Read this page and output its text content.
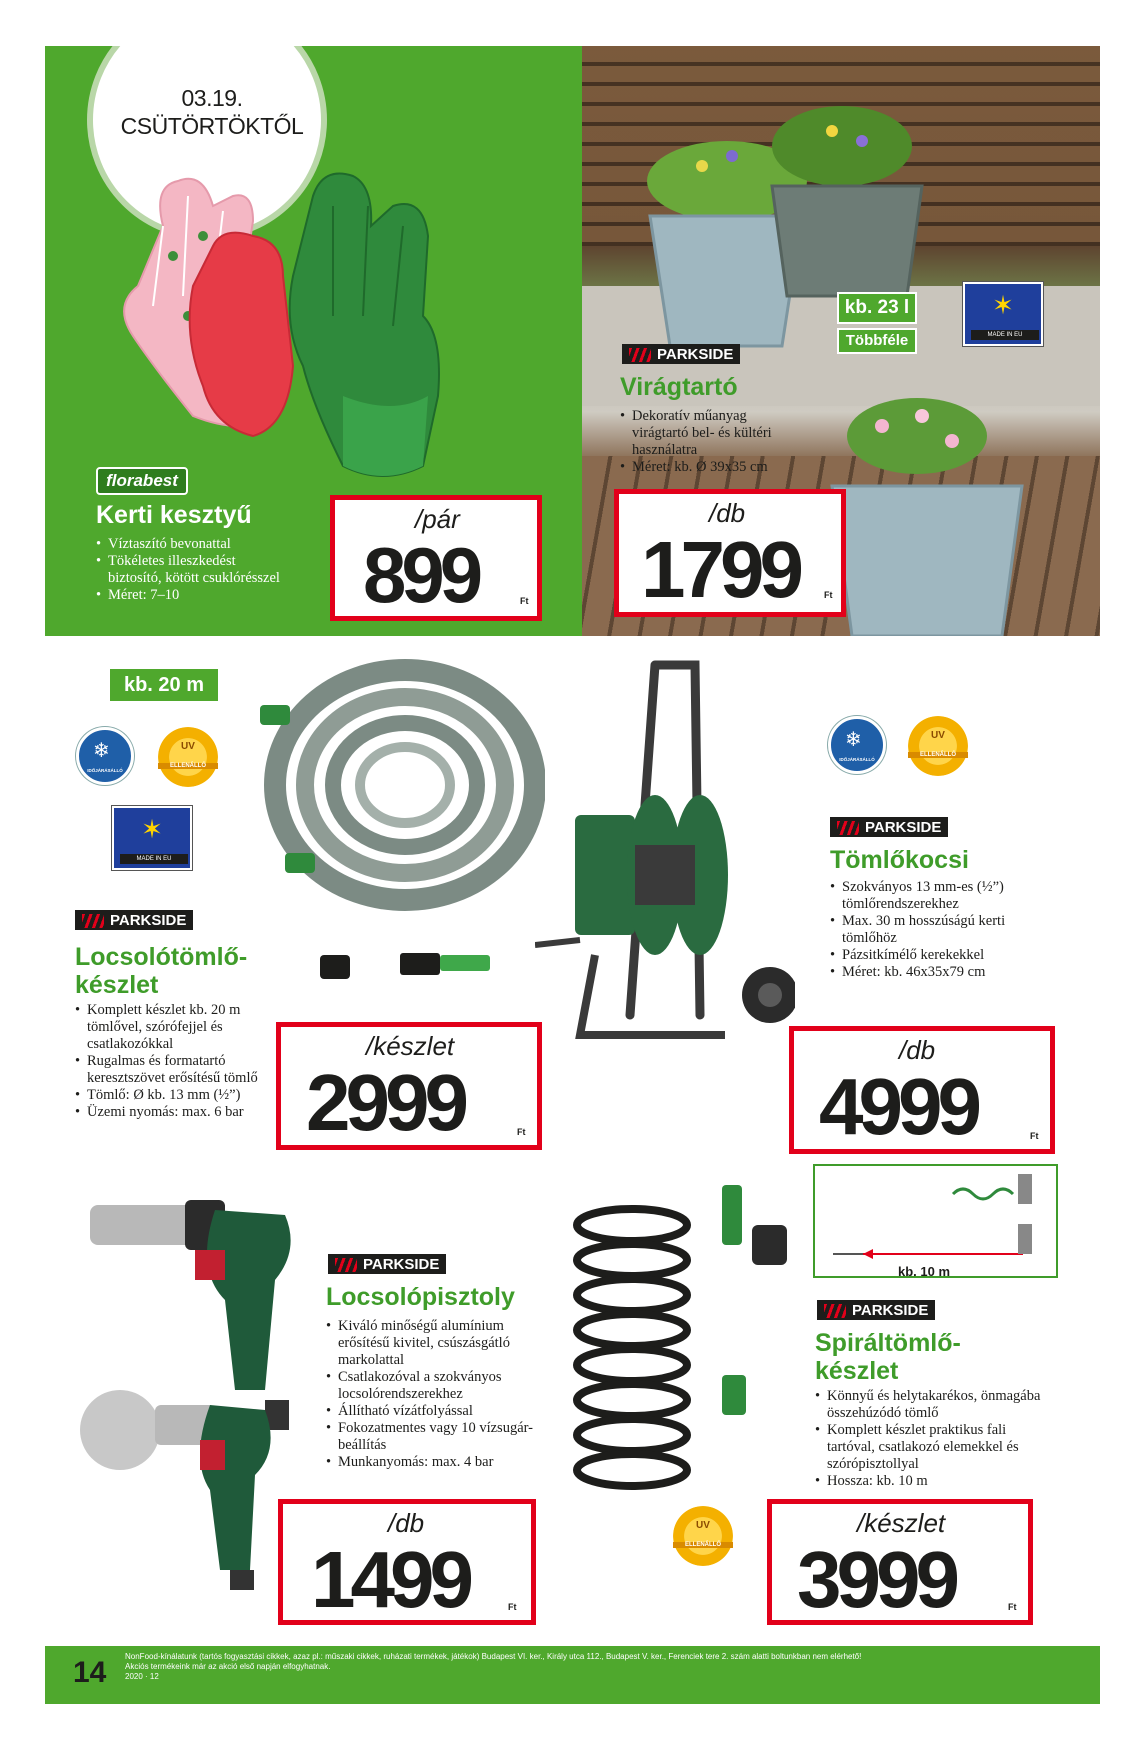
03.19.
CSÜTÖRTÖKTŐL
florabest
Kerti kesztyű
• Víztaszító bevonattal
• Tökéletes illeszkedést biztosító, kötött csuklórésszel
• Méret: 7–10
/pár
899	Ft
kb. 23 l
Többféle
✶
MADE IN EU
PARKSIDE
Virágtartó
• Dekoratív műanyag virágtartó bel- és kültéri használatra
• Méret: kb. Ø 39x35 cm
/db
1799	Ft
kb. 20 m
❄
IDŐJÁRÁSÁLLÓ
UV
ELLENÁLLÓ
✶
MADE IN EU
PARKSIDE
Locsolótömlő-
készlet
• Komplett készlet kb. 20 m tömlővel, szórófejjel és csatlakozókkal
• Rugalmas és formatartó keresztszövet erősítésű tömlő
• Tömlő: Ø kb. 13 mm (½”)
• Üzemi nyomás: max. 6 bar
/készlet
2999	Ft
❄
IDŐJÁRÁSÁLLÓ
UV
ELLENÁLLÓ
PARKSIDE
Tömlőkocsi
• Szokványos 13 mm-es (½”) tömlőrendszerekhez
• Max. 30 m hosszúságú kerti tömlőhöz
• Pázsitkímélő kerekekkel
• Méret: kb. 46x35x79 cm
/db
4999	Ft
PARKSIDE
Locsolópisztoly
• Kiváló minőségű alumínium erősítésű kivitel, csúszásgátló markolattal
• Csatlakozóval a szokványos locsolórendszerekhez
• Állítható vízátfolyással
• Fokozatmentes vagy 10 vízsugár-beállítás
• Munkanyomás: max. 4 bar
/db
1499	Ft
kb. 10 m
PARKSIDE
Spiráltömlő-
készlet
• Könnyű és helytakarékos, önmagába összehúzódó tömlő
• Komplett készlet praktikus fali tartóval, csatlakozó elemekkel és szórópisztollyal
• Hossza: kb. 10 m
UV
ELLENÁLLÓ
/készlet
3999	Ft
14 NonFood-kínálatunk (tartós fogyasztási cikkek, azaz pl.: műszaki cikkek, ruházati termékek, játékok) Budapest VI. ker., Király utca 112., Budapest V. ker., Ferenciek tere 2. szám alatti boltunkban nem elérhető!
Akciós termékeink már az akció első napján elfogyhatnak.
2020 · 12
